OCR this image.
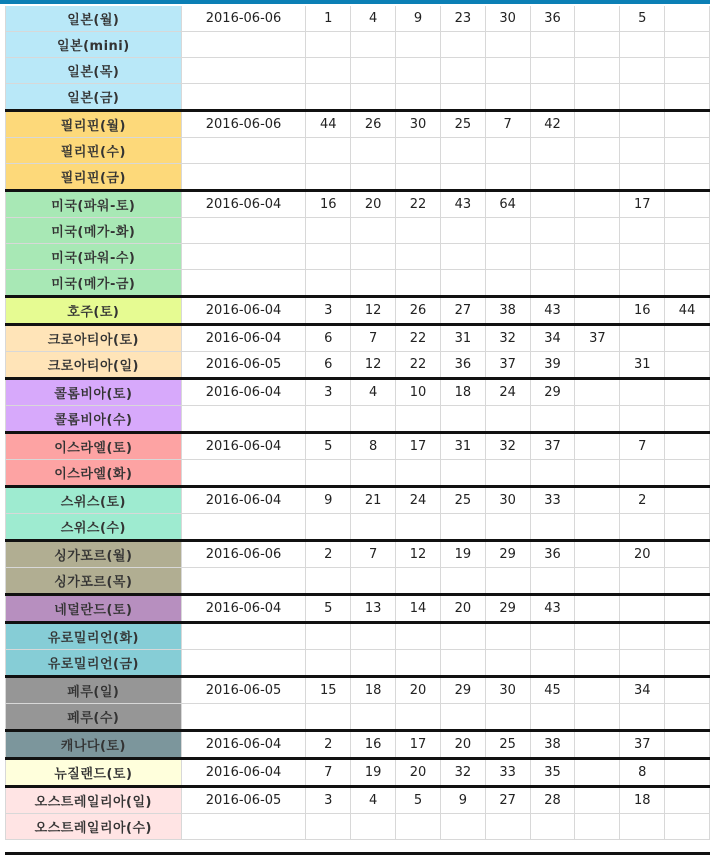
일본(월)	2016-06-06	1	4	9	23	30	36		5	
일본(mini)										
일본(목)										
일본(금)										
필리핀(월)	2016-06-06	44	26	30	25	7	42			
필리핀(수)										
필리핀(금)										
미국(파워-토)	2016-06-04	16	20	22	43	64			17	
미국(메가-화)										
미국(파워-수)										
미국(메가-금)										
호주(토)	2016-06-04	3	12	26	27	38	43		16	44
크로아티아(토)	2016-06-04	6	7	22	31	32	34	37		
크로아티아(일)	2016-06-05	6	12	22	36	37	39		31	
콜롬비아(토)	2016-06-04	3	4	10	18	24	29			
콜롬비아(수)										
이스라엘(토)	2016-06-04	5	8	17	31	32	37		7	
이스라엘(화)										
스위스(토)	2016-06-04	9	21	24	25	30	33		2	
스위스(수)										
싱가포르(월)	2016-06-06	2	7	12	19	29	36		20	
싱가포르(목)										
네덜란드(토)	2016-06-04	5	13	14	20	29	43			
유로밀리언(화)										
유로밀리언(금)										
페루(일)	2016-06-05	15	18	20	29	30	45		34	
페루(수)										
캐나다(토)	2016-06-04	2	16	17	20	25	38		37	
뉴질랜드(토)	2016-06-04	7	19	20	32	33	35		8	
오스트레일리아(일)	2016-06-05	3	4	5	9	27	28		18	
오스트레일리아(수)										
